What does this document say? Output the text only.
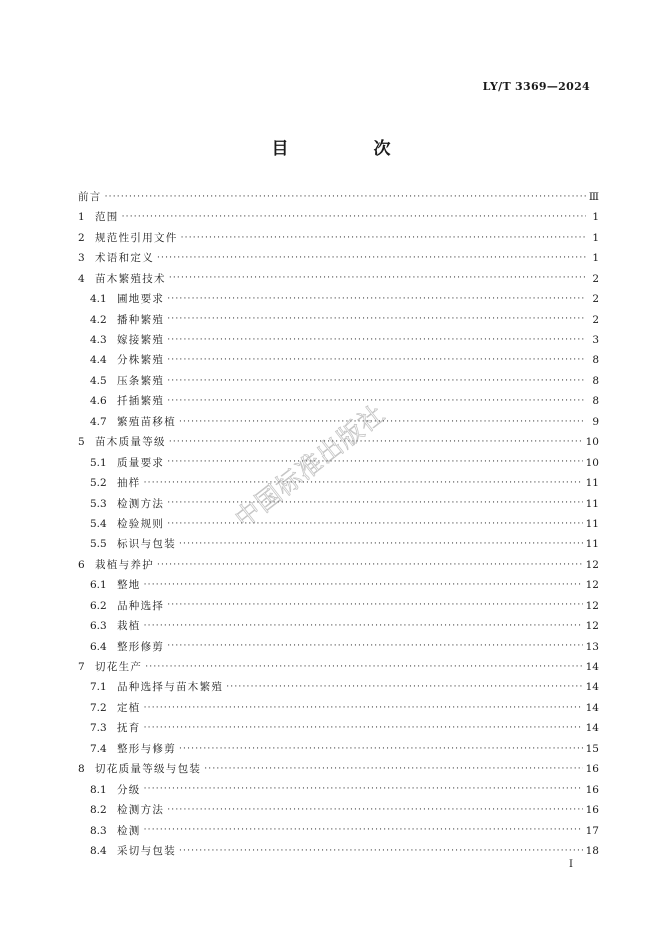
LY/T 3369—2024
目　次
前言 ·····	Ⅲ
1 范围 ·····	1
2 规范性引用文件 ·····	1
3 术语和定义 ·····	1
4 苗木繁殖技术 ·····	2
4.1 圃地要求 ·····	2
4.2 播种繁殖 ·····	2
4.3 嫁接繁殖 ·····	3
4.4 分株繁殖 ·····	8
4.5 压条繁殖 ·····	8
4.6 扦插繁殖 ·····	8
4.7 繁殖苗移植 ·····	9
5 苗木质量等级 ·····	10
5.1 质量要求 ·····	10
5.2 抽样 ·····	11
5.3 检测方法 ·····	11
5.4 检验规则 ·····	11
5.5 标识与包装 ·····	11
6 栽植与养护 ·····	12
6.1 整地 ·····	12
6.2 品种选择 ·····	12
6.3 栽植 ·····	12
6.4 整形修剪 ·····	13
7 切花生产 ·····	14
7.1 品种选择与苗木繁殖 ·····	14
7.2 定植 ·····	14
7.3 抚育 ·····	14
7.4 整形与修剪 ·····	15
8 切花质量等级与包装 ·····	16
8.1 分级 ·····	16
8.2 检测方法 ·····	16
8.3 检测 ·····	17
8.4 采切与包装 ·····	18
中国标准出版社
I
